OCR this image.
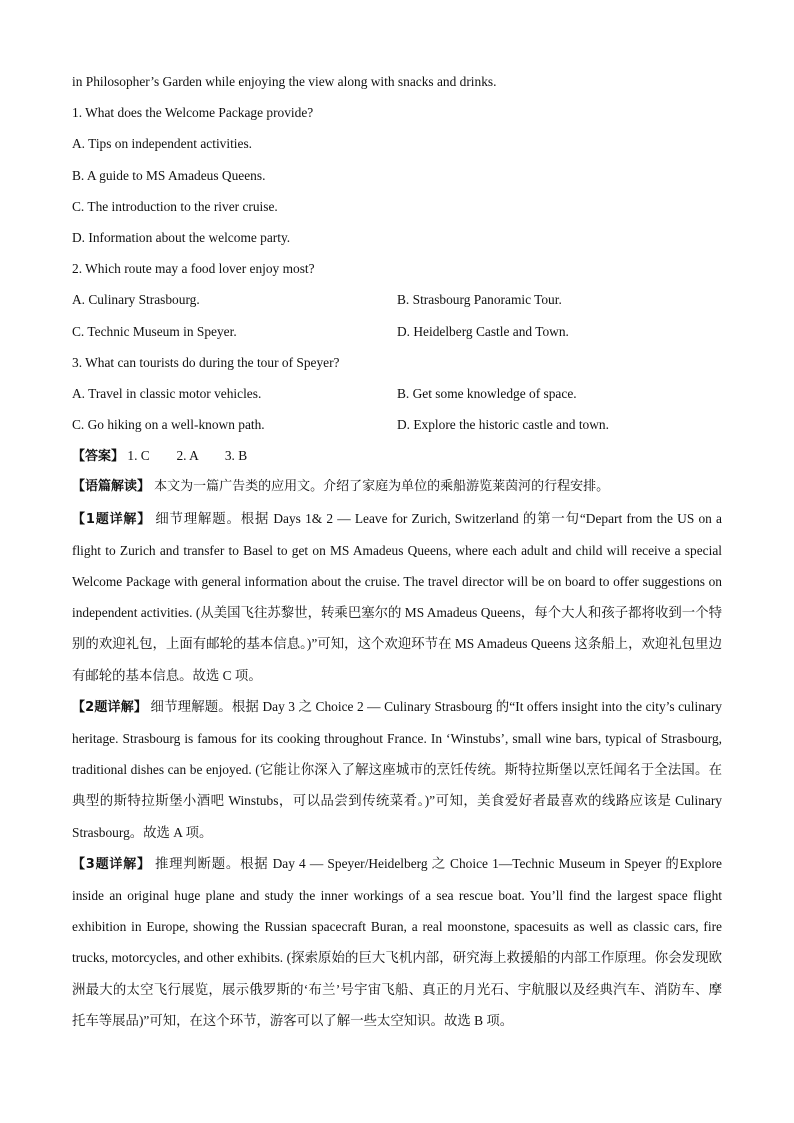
in Philosopher’s Garden while enjoying the view along with snacks and drinks.
1. What does the Welcome Package provide?
A. Tips on independent activities.
B. A guide to MS Amadeus Queens.
C. The introduction to the river cruise.
D. Information about the welcome party.
2. Which route may a food lover enjoy most?
A. Culinary Strasbourg.	B. Strasbourg Panoramic Tour.
C. Technic Museum in Speyer.	D. Heidelberg Castle and Town.
3. What can tourists do during the tour of Speyer?
A. Travel in classic motor vehicles.	B. Get some knowledge of space.
C. Go hiking on a well-known path.	D. Explore the historic castle and town.
【答案】 1. C　　2. A　　3. B
【语篇解读】 本文为一篇广告类的应用文。介绍了家庭为单位的乘船游览莱茵河的行程安排。
【1题详解】 细节理解题。根据 Days 1& 2 — Leave for Zurich, Switzerland 的第一句“Depart from the US on a flight to Zurich and transfer to Basel to get on MS Amadeus Queens, where each adult and child will receive a special Welcome Package with general information about the cruise. The travel director will be on board to offer suggestions on independent activities. (从美国飞往苏黎世，转乘巴塞尔的 MS Amadeus Queens，每个大人和孩子都将收到一个特别的欢迎礼包，上面有邮轮的基本信息。)”可知，这个欢迎环节在 MS Amadeus Queens 这条船上，欢迎礼包里边有邮轮的基本信息。故选 C 项。
【2题详解】 细节理解题。根据 Day 3 之 Choice 2 — Culinary Strasbourg 的“It offers insight into the city’s culinary heritage. Strasbourg is famous for its cooking throughout France. In ‘Winstubs’, small wine bars, typical of Strasbourg, traditional dishes can be enjoyed. (它能让你深入了解这座城市的烹饪传统。斯特拉斯堡以烹饪闻名于全法国。在典型的斯特拉斯堡小酒吧 Winstubs，可以品尝到传统菜肴。)”可知，美食爱好者最喜欢的线路应该是 Culinary Strasbourg。故选 A 项。
【3题详解】 推理判断题。根据 Day 4 — Speyer/Heidelberg 之 Choice 1—Technic Museum in Speyer 的Explore inside an original huge plane and study the inner workings of a sea rescue boat. You’ll find the largest space flight exhibition in Europe, showing the Russian spacecraft Buran, a real moonstone, spacesuits as well as classic cars, fire trucks, motorcycles, and other exhibits. (探索原始的巨大飞机内部，研究海上救援船的内部工作原理。你会发现欧洲最大的太空飞行展览，展示俄罗斯的‘布兰’号宇宙飞船、真正的月光石、宇航服以及经典汽车、消防车、摩托车等展品)”可知，在这个环节，游客可以了解一些太空知识。故选 B 项。
